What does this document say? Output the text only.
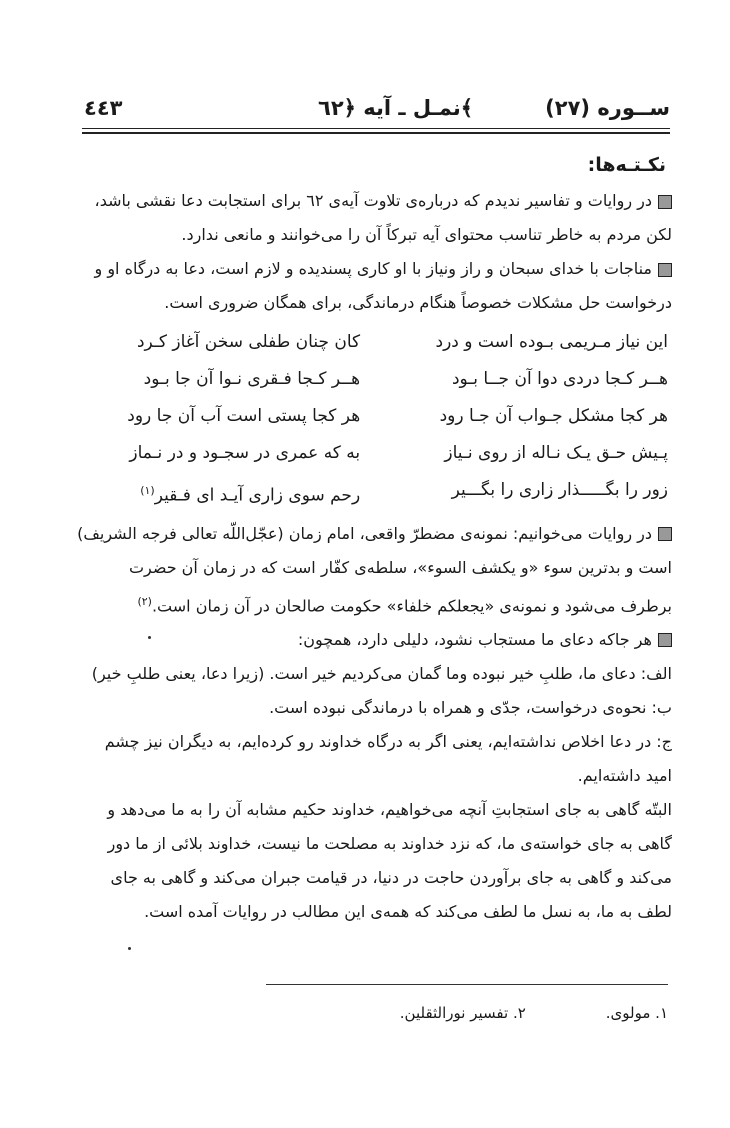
٤٤٣	نمـل ـ آیه ﴿٦٢﴾	ســوره (٢٧)
نکـتـه‌ها:

در روایات و تفاسیر ندیدم که درباره‌ی تلاوت آیه‌ی ٦٢ برای استجابت دعا نقشی باشد، لکن مردم به خاطر تناسب محتوای آیه تبرکاً آن را می‌خوانند و مانعی ندارد.

مناجات با خدای سبحان و راز ونیاز با او کاری پسندیده و لازم است، دعا به درگاه او و درخواست حل مشکلات خصوصاً هنگام درماندگی، برای همگان ضروری است.

این نیاز مـریمی بـوده است و درد
کان چنان طفلی سخن آغاز کـرد
هــر کـجا دردی دوا آن جــا بـود
هــر کـجا فـقری نـوا آن جا بـود
هر کجا مشکل جـواب آن جـا رود
هر کجا پستی است آب آن جا رود
پـیش حـق یـک نـاله از روی نـیاز
به که عمری در سجـود و در نـماز
زور را بگـــــذار زاری را بگـــیر
رحم سوی زاری آیـد ای فـقیر$^{(١)}$

در روایات می‌خوانیم: نمونه‌ی مضطرّ واقعی، امام زمان (عجّل‌اللّه تعالی فرجه الشریف) است و بدترین سوء «و یکشف السوء»، سلطه‌ی کفّار است که در زمان آن حضرت برطرف می‌شود و نمونه‌ی «یجعلکم خلفاء» حکومت صالحان در آن زمان است.$^{(٢)}$

هر جاکه دعای ما مستجاب نشود، دلیلی دارد، همچون:

الف: دعای ما، طلبِ خیر نبوده وما گمان می‌کردیم خیر است. (زیرا دعا، یعنی طلبِ خیر)

ب: نحوه‌ی درخواست، جدّی و همراه با درماندگی نبوده است.

ج: در دعا اخلاص نداشته‌ایم، یعنی اگر به درگاه خداوند رو کرده‌ایم، به دیگران نیز چشم امید داشته‌ایم.

البتّه گاهی به جای استجابتِ آنچه می‌خواهیم، خداوند حکیم مشابه آن را به ما می‌دهد و گاهی به جای خواسته‌ی ما، که نزد خداوند به مصلحت ما نیست، خداوند بلائی از ما دور می‌کند و گاهی به جای برآوردن حاجت در دنیا، در قیامت جبران می‌کند و گاهی به جای لطف به ما، به نسل ما لطف می‌کند که همه‌ی این مطالب در روایات آمده است.

١. مولوی.
٢. تفسیر نورالثقلین.
